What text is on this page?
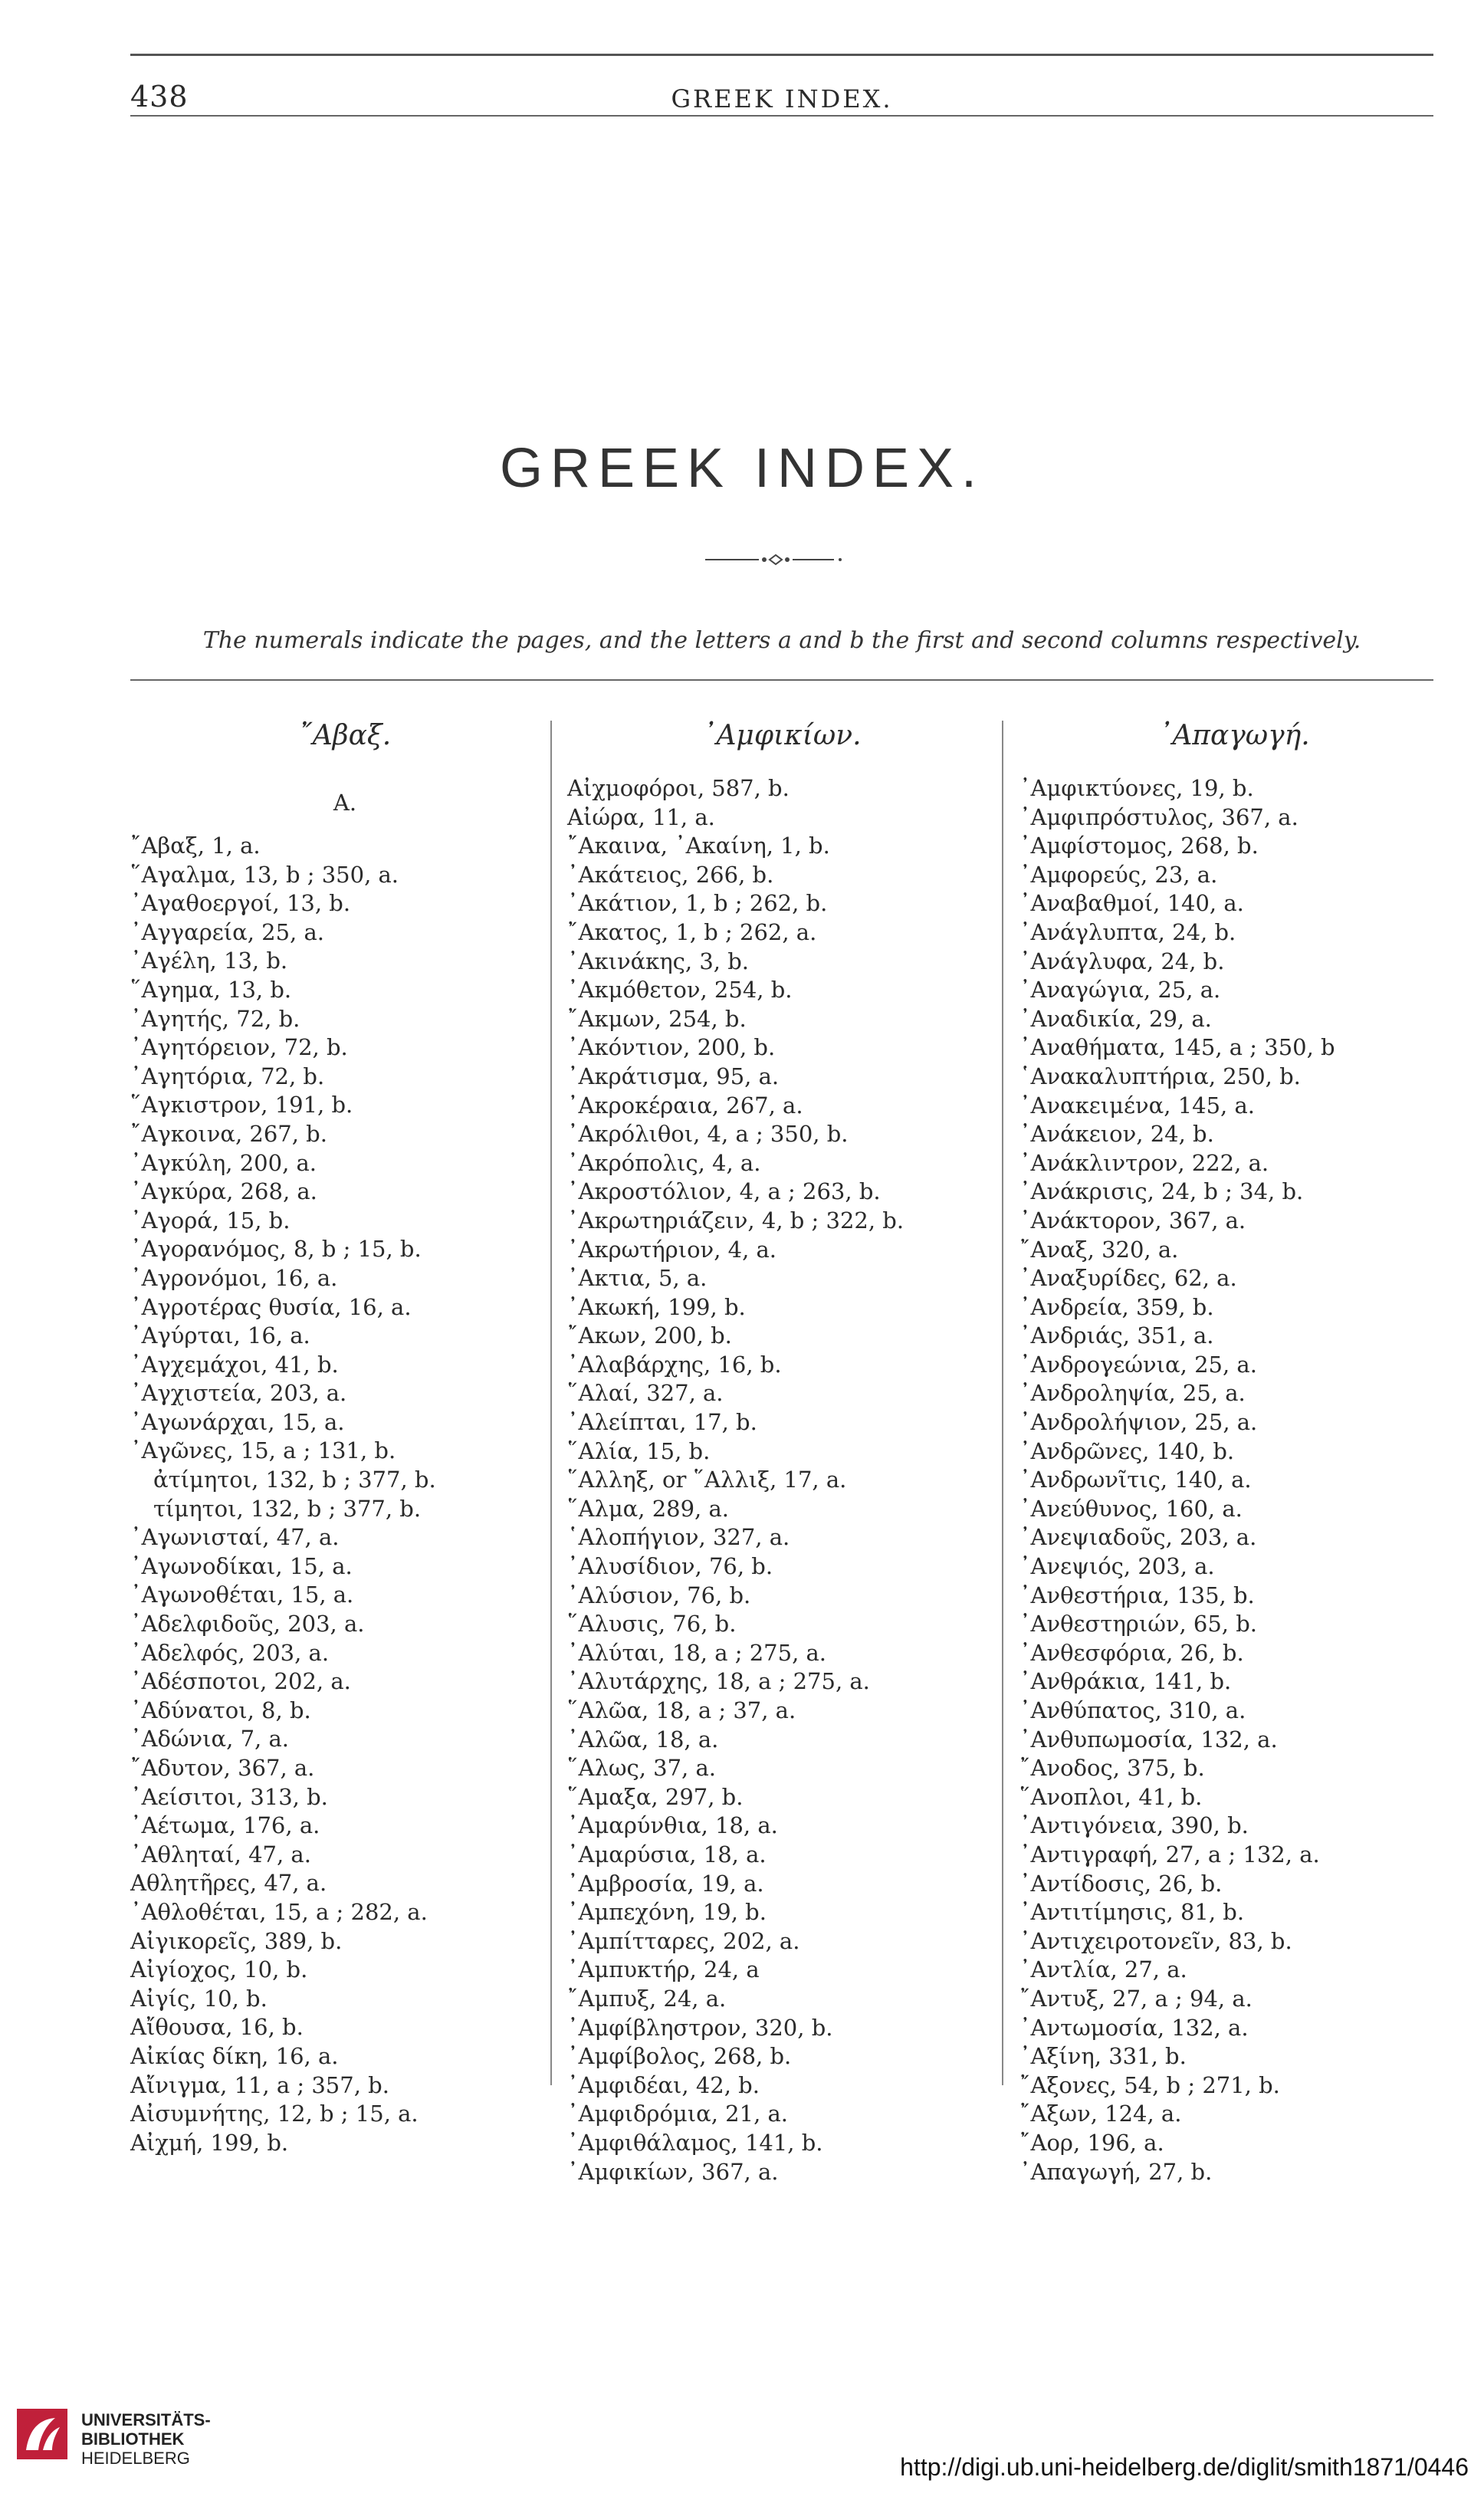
438	GREEK INDEX.
GREEK INDEX.
The numerals indicate the pages, and the letters a and b the first and second columns respectively.
῎Αβαξ.
A.
῎Αβαξ, 1, a.
῞Αγαλμα, 13, b ; 350, a.
᾿Αγαθοεργοί, 13, b.
᾿Αγγαρεία, 25, a.
᾿Αγέλη, 13, b.
῞Αγημα, 13, b.
᾿Αγητής, 72, b.
᾿Αγητόρειον, 72, b.
᾿Αγητόρια, 72, b.
῞Αγκιστρον, 191, b.
῎Αγκοινα, 267, b.
᾿Αγκύλη, 200, a.
᾿Αγκύρα, 268, a.
᾿Αγορά, 15, b.
᾿Αγορανόμος, 8, b ; 15, b.
᾿Αγρονόμοι, 16, a.
᾿Αγροτέρας θυσία, 16, a.
᾿Αγύρται, 16, a.
᾿Αγχεμάχοι, 41, b.
᾿Αγχιστεία, 203, a.
᾿Αγωνάρχαι, 15, a.
᾿Αγῶνες, 15, a ; 131, b.
ἀτίμητοι, 132, b ; 377, b.
τίμητοι, 132, b ; 377, b.
᾿Αγωνισταί, 47, a.
᾿Αγωνοδίκαι, 15, a.
᾿Αγωνοθέται, 15, a.
᾿Αδελφιδοῦς, 203, a.
᾿Αδελφός, 203, a.
᾿Αδέσποτοι, 202, a.
᾿Αδύνατοι, 8, b.
᾿Αδώνια, 7, a.
῎Αδυτον, 367, a.
᾿Αείσιτοι, 313, b.
᾿Αέτωμα, 176, a.
᾿Αθληταί, 47, a.
Αθλητῆρες, 47, a.
᾿Αθλοθέται, 15, a ; 282, a.
Αἰγικορεῖς, 389, b.
Αἰγίοχος, 10, b.
Αἰγίς, 10, b.
Αἴθουσα, 16, b.
Αἰκίας δίκη, 16, a.
Αἴνιγμα, 11, a ; 357, b.
Αἰσυμνήτης, 12, b ; 15, a.
Αἰχμή, 199, b.
᾿Αμφικίων.
Αἰχμοφόροι, 587, b.
Αἰώρα, 11, a.
῎Ακαινα, ᾿Ακαίνη, 1, b.
᾿Ακάτειος, 266, b.
᾿Ακάτιον, 1, b ; 262, b.
῎Ακατος, 1, b ; 262, a.
᾿Ακινάκης, 3, b.
᾿Ακμόθετον, 254, b.
῎Ακμων, 254, b.
᾿Ακόντιον, 200, b.
᾿Ακράτισμα, 95, a.
᾿Ακροκέραια, 267, a.
᾿Ακρόλιθοι, 4, a ; 350, b.
᾿Ακρόπολις, 4, a.
᾿Ακροστόλιον, 4, a ; 263, b.
᾿Ακρωτηριάζειν, 4, b ; 322, b.
᾿Ακρωτήριον, 4, a.
᾿Ακτια, 5, a.
᾿Ακωκή, 199, b.
῎Ακων, 200, b.
᾿Αλαβάρχης, 16, b.
῞Αλαί, 327, a.
᾿Αλείπται, 17, b.
῞Αλία, 15, b.
῞Αλληξ, or ῞Αλλιξ, 17, a.
῞Αλμα, 289, a.
῾Αλοπήγιον, 327, a.
᾿Αλυσίδιον, 76, b.
᾿Αλύσιον, 76, b.
῞Αλυσις, 76, b.
᾿Αλύται, 18, a ; 275, a.
᾿Αλυτάρχης, 18, a ; 275, a.
῞Αλῶα, 18, a ; 37, a.
᾿Αλῶα, 18, a.
῞Αλως, 37, a.
῞Αμαξα, 297, b.
᾿Αμαρύνθια, 18, a.
᾿Αμαρύσια, 18, a.
᾿Αμβροσία, 19, a.
᾿Αμπεχόνη, 19, b.
᾿Αμπίτταρες, 202, a.
᾿Αμπυκτήρ, 24, a
῎Αμπυξ, 24, a.
᾿Αμφίβληστρον, 320, b.
᾿Αμφίβολος, 268, b.
᾿Αμφιδέαι, 42, b.
᾿Αμφιδρόμια, 21, a.
᾿Αμφιθάλαμος, 141, b.
᾿Αμφικίων, 367, a.
᾿Απαγωγή.
᾿Αμφικτύονες, 19, b.
᾿Αμφιπρόστυλος, 367, a.
᾿Αμφίστομος, 268, b.
᾿Αμφορεύς, 23, a.
᾿Αναβαθμοί, 140, a.
᾿Ανάγλυπτα, 24, b.
᾿Ανάγλυφα, 24, b.
᾿Αναγώγια, 25, a.
᾿Αναδικία, 29, a.
᾿Αναθήματα, 145, a ; 350, b
῾Ανακαλυπτήρια, 250, b.
᾿Ανακειμένα, 145, a.
᾿Ανάκειον, 24, b.
᾿Ανάκλιντρον, 222, a.
᾿Ανάκρισις, 24, b ; 34, b.
᾿Ανάκτορον, 367, a.
῎Αναξ, 320, a.
᾿Αναξυρίδες, 62, a.
᾿Ανδρεία, 359, b.
᾿Ανδριάς, 351, a.
᾿Ανδρογεώνια, 25, a.
᾿Ανδροληψία, 25, a.
᾿Ανδρολήψιον, 25, a.
᾿Ανδρῶνες, 140, b.
᾿Ανδρωνῖτις, 140, a.
᾿Ανεύθυνος, 160, a.
᾿Ανεψιαδοῦς, 203, a.
᾿Ανεψιός, 203, a.
᾿Ανθεστήρια, 135, b.
᾿Ανθεστηριών, 65, b.
᾿Ανθεσφόρια, 26, b.
᾿Ανθράκια, 141, b.
᾿Ανθύπατος, 310, a.
᾿Ανθυπωμοσία, 132, a.
῎Ανοδος, 375, b.
῞Ανοπλοι, 41, b.
᾿Αντιγόνεια, 390, b.
᾿Αντιγραφή, 27, a ; 132, a.
᾿Αντίδοσις, 26, b.
᾿Αντιτίμησις, 81, b.
᾿Αντιχειροτονεῖν, 83, b.
᾿Αντλία, 27, a.
῎Αντυξ, 27, a ; 94, a.
᾿Αντωμοσία, 132, a.
᾿Αξίνη, 331, b.
῎Αξονες, 54, b ; 271, b.
῎Αξων, 124, a.
῎Αορ, 196, a.
᾿Απαγωγή, 27, b.
UNIVERSITÄTS-
BIBLIOTHEK
HEIDELBERG	http://digi.ub.uni-heidelberg.de/diglit/smith1871/0446
